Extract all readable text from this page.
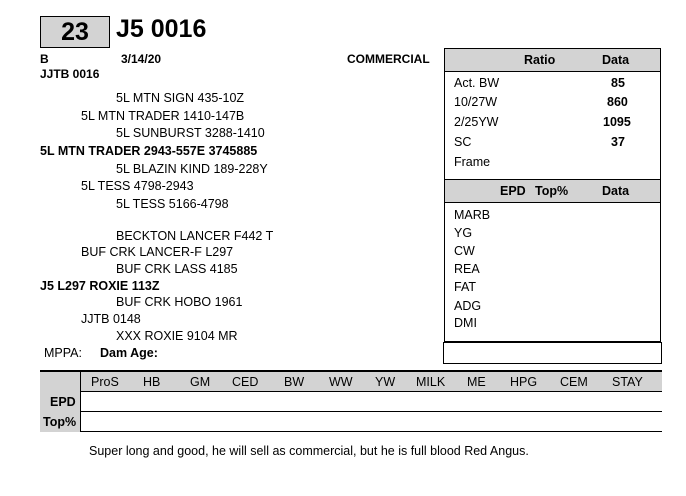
23	J5 0016
B	3/14/20	COMMERCIAL
JJTB 0016
5L MTN SIGN 435-10Z
5L MTN TRADER 1410-147B
5L SUNBURST 3288-1410
5L MTN TRADER 2943-557E 3745885
5L BLAZIN KIND 189-228Y
5L TESS 4798-2943
5L TESS 5166-4798
BECKTON LANCER F442 T
BUF CRK LANCER-F L297
BUF CRK LASS 4185
J5 L297 ROXIE 113Z
BUF CRK HOBO 1961
JJTB 0148
XXX ROXIE 9104 MR
MPPA: Dam Age:
Ratio	Data
Act. BW	85
10/27W	860
2/25YW	1095
SC	37
Frame
EPD Top%	Data
MARB
YG
CW
REA
FAT
ADG
DMI
ProS HB GM CED BW WW YW MILK ME HPG CEM STAY
EPD
Top%
Super long and good, he will sell as commercial, but he is full blood Red Angus.
